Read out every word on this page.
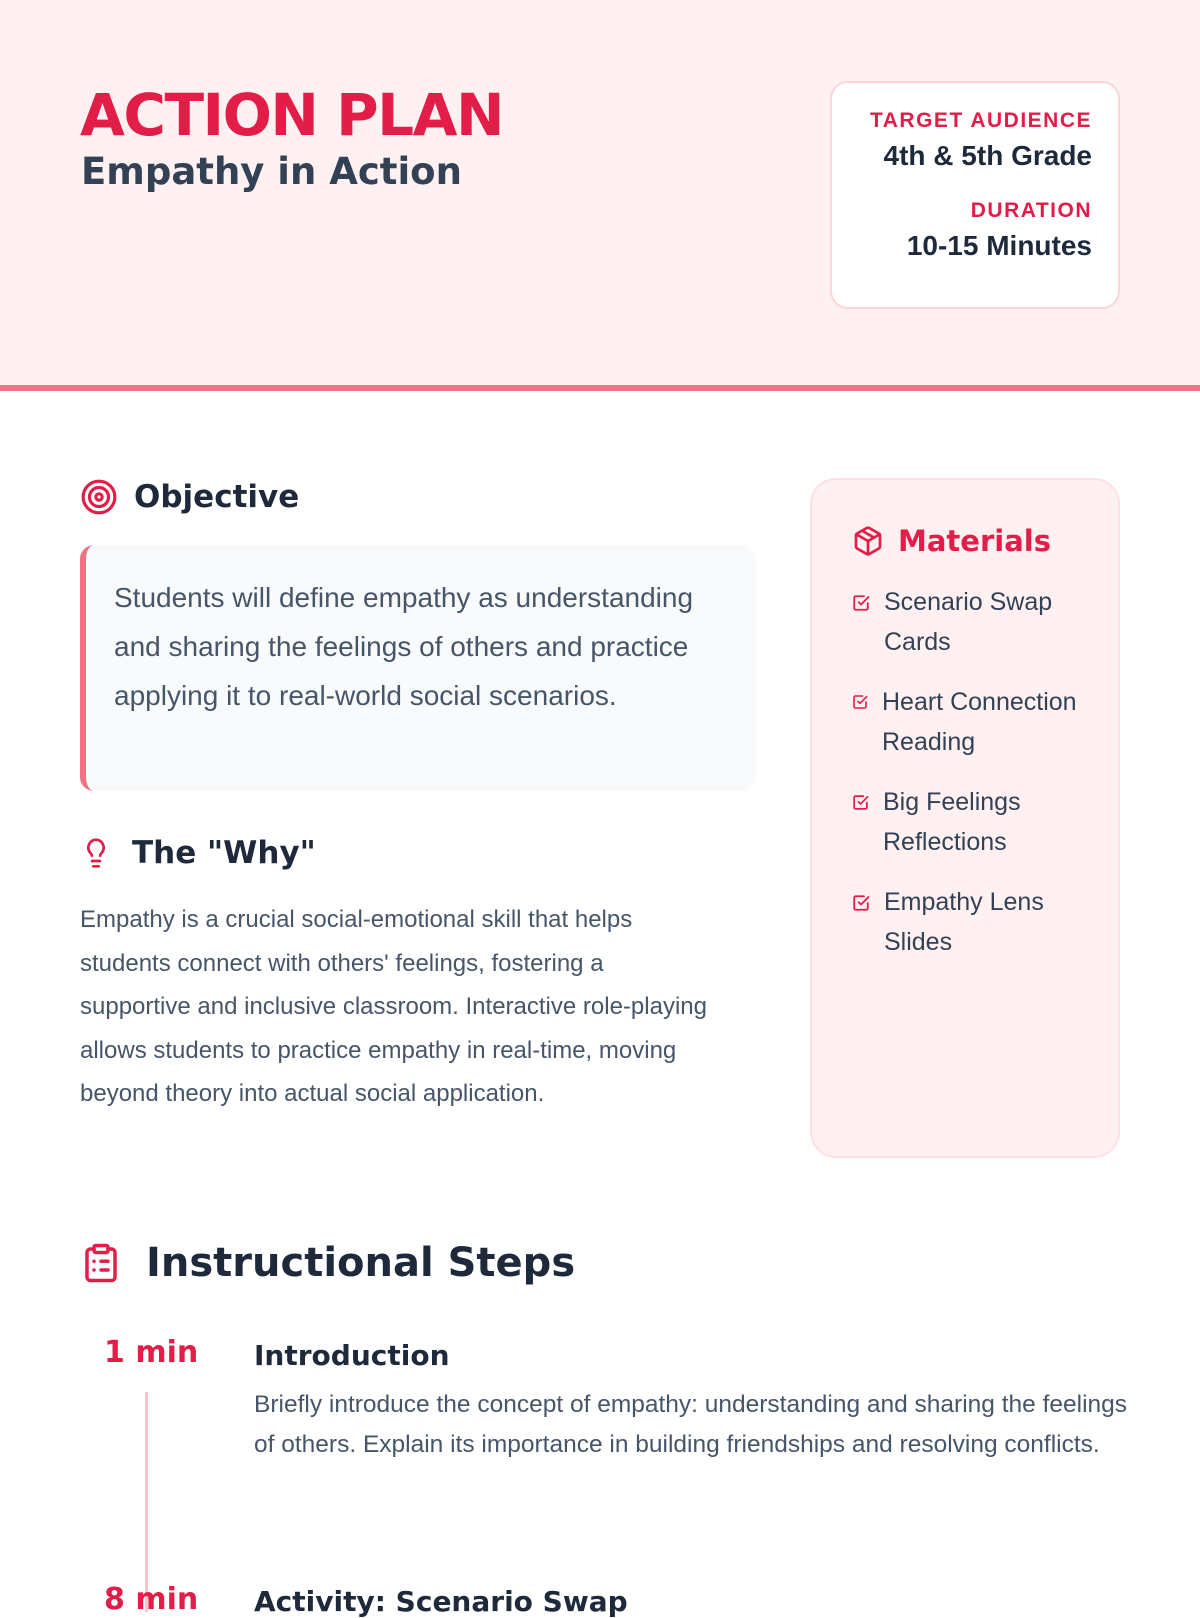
ACTION PLAN
Empathy in Action
TARGET AUDIENCE
4th & 5th Grade
DURATION
10-15 Minutes
Objective
Students will define empathy as understanding and sharing the feelings of others and practice applying it to real-world social scenarios.
The "Why"
Empathy is a crucial social-emotional skill that helps students connect with others' feelings, fostering a supportive and inclusive classroom. Interactive role-playing allows students to practice empathy in real-time, moving beyond theory into actual social application.
Materials
Scenario Swap Cards
Heart Connection Reading
Big Feelings Reflections
Empathy Lens Slides
Instructional Steps
1 min	Introduction
Briefly introduce the concept of empathy: understanding and sharing the feelings of others. Explain its importance in building friendships and resolving conflicts.
8 min	Activity: Scenario Swap
